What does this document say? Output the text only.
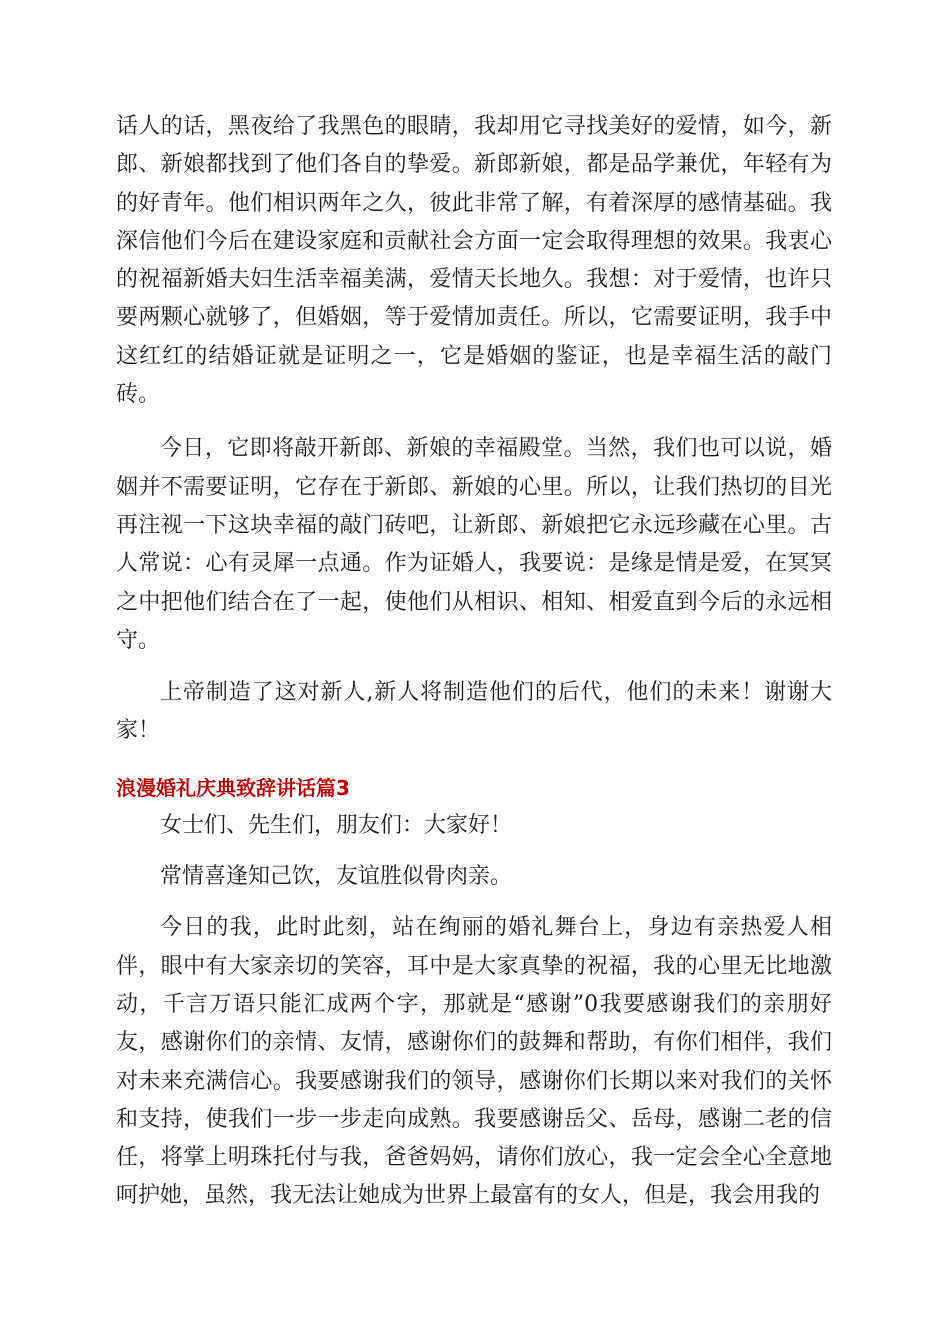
话人的话，黑夜给了我黑色的眼睛，我却用它寻找美好的爱情，如今，新郎、新娘都找到了他们各自的挚爱。新郎新娘，都是品学兼优，年轻有为的好青年。他们相识两年之久，彼此非常了解，有着深厚的感情基础。我深信他们今后在建设家庭和贡献社会方面一定会取得理想的效果。我衷心的祝福新婚夫妇生活幸福美满，爱情天长地久。我想：对于爱情，也许只要两颗心就够了，但婚姻，等于爱情加责任。所以，它需要证明，我手中这红红的结婚证就是证明之一，它是婚姻的鉴证，也是幸福生活的敲门砖。

今日，它即将敲开新郎、新娘的幸福殿堂。当然，我们也可以说，婚姻并不需要证明，它存在于新郎、新娘的心里。所以，让我们热切的目光再注视一下这块幸福的敲门砖吧，让新郎、新娘把它永远珍藏在心里。古人常说：心有灵犀一点通。作为证婚人，我要说：是缘是情是爱，在冥冥之中把他们结合在了一起，使他们从相识、相知、相爱直到今后的永远相守。

上帝制造了这对新人,新人将制造他们的后代，他们的未来！谢谢大家！

浪漫婚礼庆典致辞讲话篇3

女士们、先生们，朋友们：大家好！

常情喜逢知己饮，友谊胜似骨肉亲。

今日的我，此时此刻，站在绚丽的婚礼舞台上，身边有亲热爱人相伴，眼中有大家亲切的笑容，耳中是大家真挚的祝福，我的心里无比地激动，千言万语只能汇成两个字，那就是“感谢”0我要感谢我们的亲朋好友，感谢你们的亲情、友情，感谢你们的鼓舞和帮助，有你们相伴，我们对未来充满信心。我要感谢我们的领导，感谢你们长期以来对我们的关怀和支持，使我们一步一步走向成熟。我要感谢岳父、岳母，感谢二老的信任，将掌上明珠托付与我，爸爸妈妈，请你们放心，我一定会全心全意地呵护她，虽然，我无法让她成为世界上最富有的女人，但是，我会用我的
